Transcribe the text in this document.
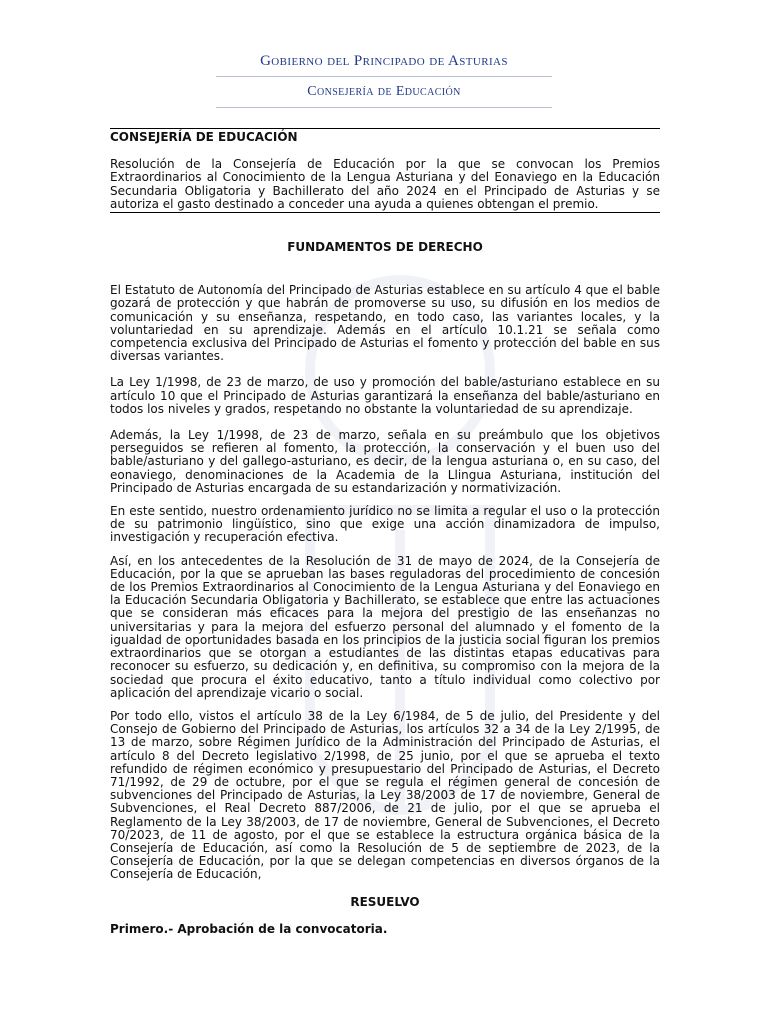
Gobierno del Principado de Asturias
Consejería de Educación
CONSEJERÍA DE EDUCACIÓN

Resolución de la Consejería de Educación por la que se convocan los Premios Extraordinarios al Conocimiento de la Lengua Asturiana y del Eonaviego en la Educación Secundaria Obligatoria y Bachillerato del año 2024 en el Principado de Asturias y se autoriza el gasto destinado a conceder una ayuda a quienes obtengan el premio.

FUNDAMENTOS DE DERECHO

El Estatuto de Autonomía del Principado de Asturias establece en su artículo 4 que el bable gozará de protección y que habrán de promoverse su uso, su difusión en los medios de comunicación y su enseñanza, respetando, en todo caso, las variantes locales, y la voluntariedad en su aprendizaje. Además en el artículo 10.1.21 se señala como competencia exclusiva del Principado de Asturias el fomento y protección del bable en sus diversas variantes.

La Ley 1/1998, de 23 de marzo, de uso y promoción del bable/asturiano establece en su artículo 10 que el Principado de Asturias garantizará la enseñanza del bable/asturiano en todos los niveles y grados, respetando no obstante la voluntariedad de su aprendizaje.

Además, la Ley 1/1998, de 23 de marzo, señala en su preámbulo que los objetivos perseguidos se refieren al fomento, la protección, la conservación y el buen uso del bable/asturiano y del gallego-asturiano, es decir, de la lengua asturiana o, en su caso, del eonaviego, denominaciones de la Academia de la Llingua Asturiana, institución del Principado de Asturias encargada de su estandarización y normativización.

En este sentido, nuestro ordenamiento jurídico no se limita a regular el uso o la protección de su patrimonio lingüístico, sino que exige una acción dinamizadora de impulso, investigación y recuperación efectiva.

Así, en los antecedentes de la Resolución de 31 de mayo de 2024, de la Consejería de Educación, por la que se aprueban las bases reguladoras del procedimiento de concesión de los Premios Extraordinarios al Conocimiento de la Lengua Asturiana y del Eonaviego en la Educación Secundaria Obligatoria y Bachillerato, se establece que entre las actuaciones que se consideran más eficaces para la mejora del prestigio de las enseñanzas no universitarias y para la mejora del esfuerzo personal del alumnado y el fomento de la igualdad de oportunidades basada en los principios de la justicia social figuran los premios extraordinarios que se otorgan a estudiantes de las distintas etapas educativas para reconocer su esfuerzo, su dedicación y, en definitiva, su compromiso con la mejora de la sociedad que procura el éxito educativo, tanto a título individual como colectivo por aplicación del aprendizaje vicario o social.

Por todo ello, vistos el artículo 38 de la Ley 6/1984, de 5 de julio, del Presidente y del Consejo de Gobierno del Principado de Asturias, los artículos 32 a 34 de la Ley 2/1995, de 13 de marzo, sobre Régimen Jurídico de la Administración del Principado de Asturias, el artículo 8 del Decreto legislativo 2/1998, de 25 junio, por el que se aprueba el texto refundido de régimen económico y presupuestario del Principado de Asturias, el Decreto 71/1992, de 29 de octubre, por el que se regula el régimen general de concesión de subvenciones del Principado de Asturias, la Ley 38/2003 de 17 de noviembre, General de Subvenciones, el Real Decreto 887/2006, de 21 de julio, por el que se aprueba el Reglamento de la Ley 38/2003, de 17 de noviembre, General de Subvenciones, el Decreto 70/2023, de 11 de agosto, por el que se establece la estructura orgánica básica de la Consejería de Educación, así como la Resolución de 5 de septiembre de 2023, de la Consejería de Educación, por la que se delegan competencias en diversos órganos de la Consejería de Educación,

RESUELVO
Primero.- Aprobación de la convocatoria.
